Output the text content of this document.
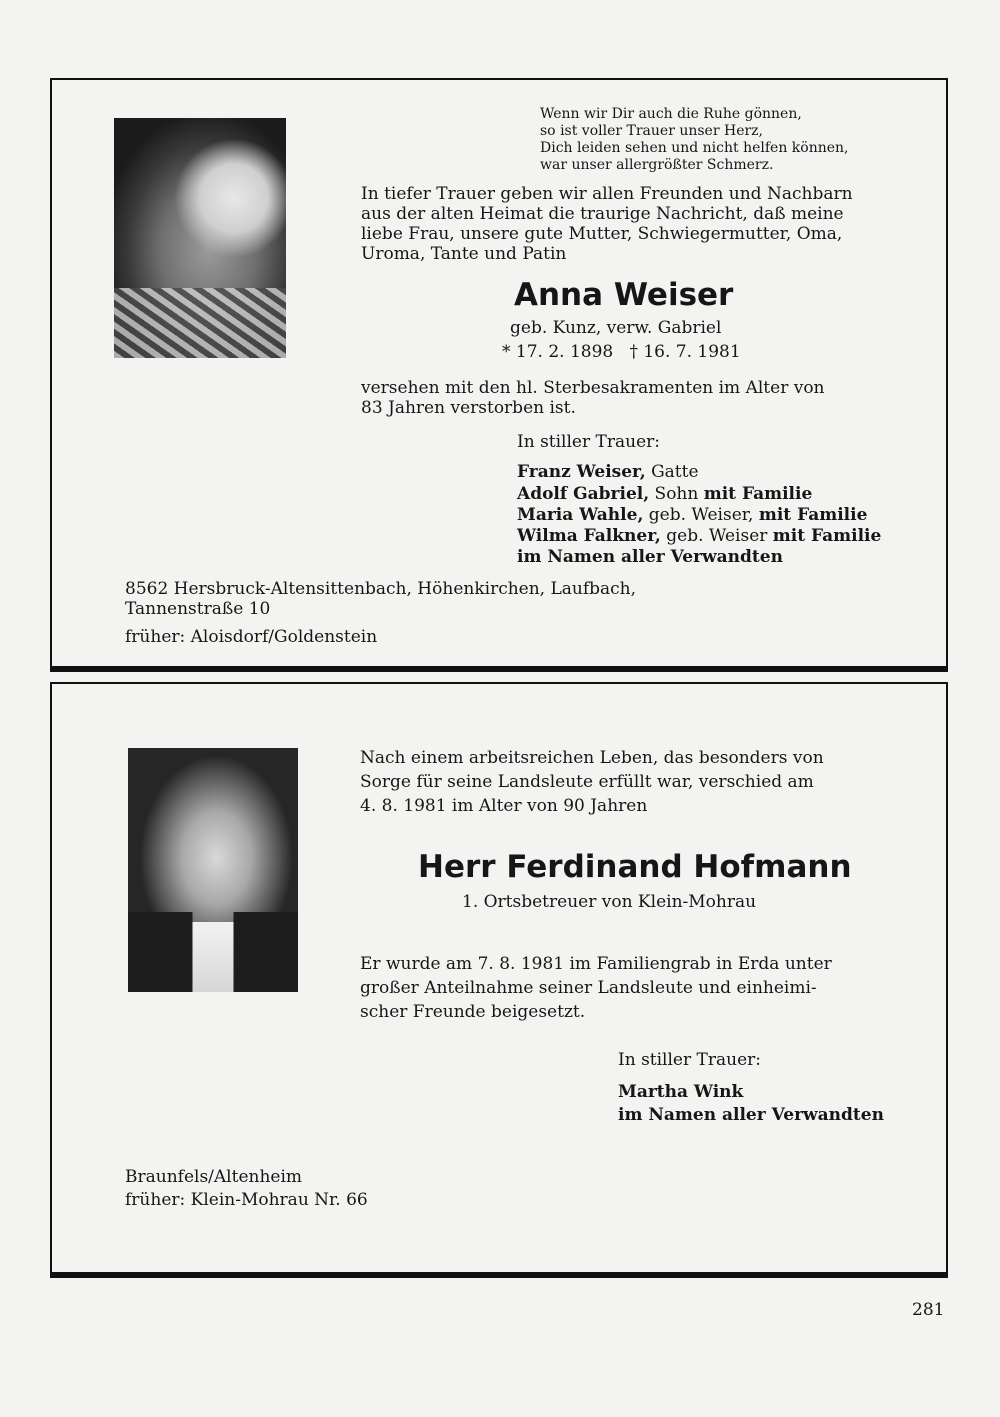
Wenn wir Dir auch die Ruhe gönnen,

so ist voller Trauer unser Herz,

Dich leiden sehen und nicht helfen können,

war unser allergrößter Schmerz.

In tiefer Trauer geben wir allen Freunden und Nachbarn

aus der alten Heimat die traurige Nachricht, daß meine

liebe Frau, unsere gute Mutter, Schwiegermutter, Oma,

Uroma, Tante und Patin

Anna Weiser

geb. Kunz, verw. Gabriel

* 17. 2. 1898   † 16. 7. 1981

versehen mit den hl. Sterbesakramenten im Alter von

83 Jahren verstorben ist.

In stiller Trauer:

Franz Weiser, Gatte

Adolf Gabriel, Sohn mit Familie

Maria Wahle, geb. Weiser, mit Familie

Wilma Falkner, geb. Weiser mit Familie

im Namen aller Verwandten

8562 Hersbruck-Altensittenbach, Höhenkirchen, Laufbach,

Tannenstraße 10

früher: Aloisdorf/Goldenstein

Nach einem arbeitsreichen Leben, das besonders von

Sorge für seine Landsleute erfüllt war, verschied am

4. 8. 1981 im Alter von 90 Jahren

Herr Ferdinand Hofmann

1. Ortsbetreuer von Klein-Mohrau

Er wurde am 7. 8. 1981 im Familiengrab in Erda unter

großer Anteilnahme seiner Landsleute und einheimi-

scher Freunde beigesetzt.

In stiller Trauer:

Martha Wink

im Namen aller Verwandten

Braunfels/Altenheim

früher: Klein-Mohrau Nr. 66

281
